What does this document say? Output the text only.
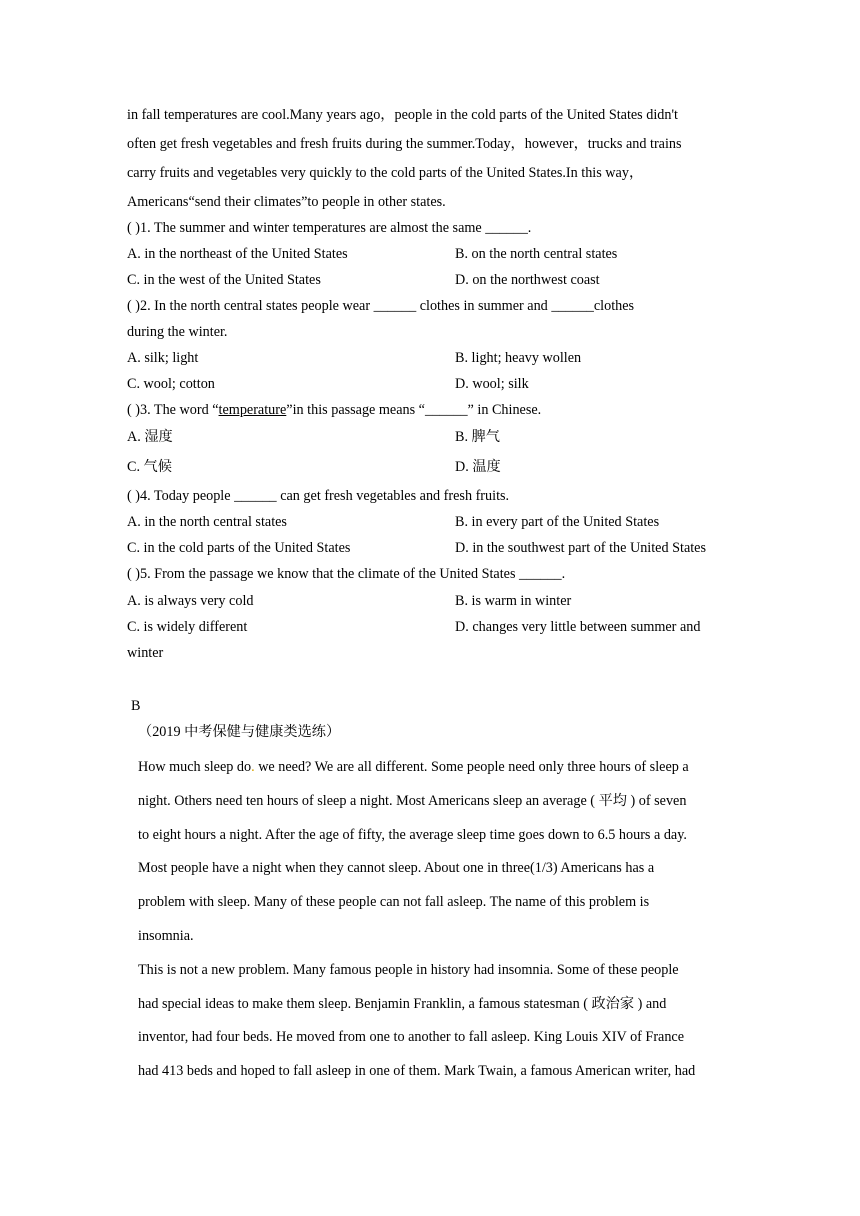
in fall temperatures are cool.Many years ago，people in the cold parts of the United States didn't
often get fresh vegetables and fresh fruits during the summer.Today，however，trucks and trains
carry fruits and vegetables very quickly to the cold parts of the United States.In this way，
Americans“send their climates”to people in other states.
( )1. The summer and winter temperatures are almost the same ______.
A. in the northeast of the United States	B. on the north central states
C. in the west of the United States	D. on the northwest coast
( )2. In the north central states people wear ______ clothes in summer and ______clothes
during the winter.
A. silk; light	B. light; heavy wollen
C. wool; cotton	D. wool; silk
( )3. The word “temperature”in this passage means “______” in Chinese.
A. 湿度	B. 脾气
C. 气候	D. 温度
( )4. Today people ______ can get fresh vegetables and fresh fruits.
A. in the north central states	B. in every part of the United States
C. in the cold parts of the United States	D. in the southwest part of the United States
( )5. From the passage we know that the climate of the United States ______.
A. is always very cold	B. is warm in winter
C. is widely different	D. changes very little between summer and
winter
B
（2019 中考保健与健康类选练）
How much sleep do. we need? We are all different. Some people need only three hours of sleep a
night. Others need ten hours of sleep a night. Most Americans sleep an average ( 平均 ) of seven
to eight hours a night. After the age of fifty, the average sleep time goes down to 6.5 hours a day.
Most people have a night when they cannot sleep. About one in three(1/3) Americans has a
problem with sleep. Many of these people can not fall asleep. The name of this problem is
insomnia.
This is not a new problem. Many famous people in history had insomnia. Some of these people
had special ideas to make them sleep. Benjamin Franklin, a famous statesman ( 政治家 ) and
inventor, had four beds. He moved from one to another to fall asleep. King Louis XIV of France
had 413 beds and hoped to fall asleep in one of them. Mark Twain, a famous American writer, had
